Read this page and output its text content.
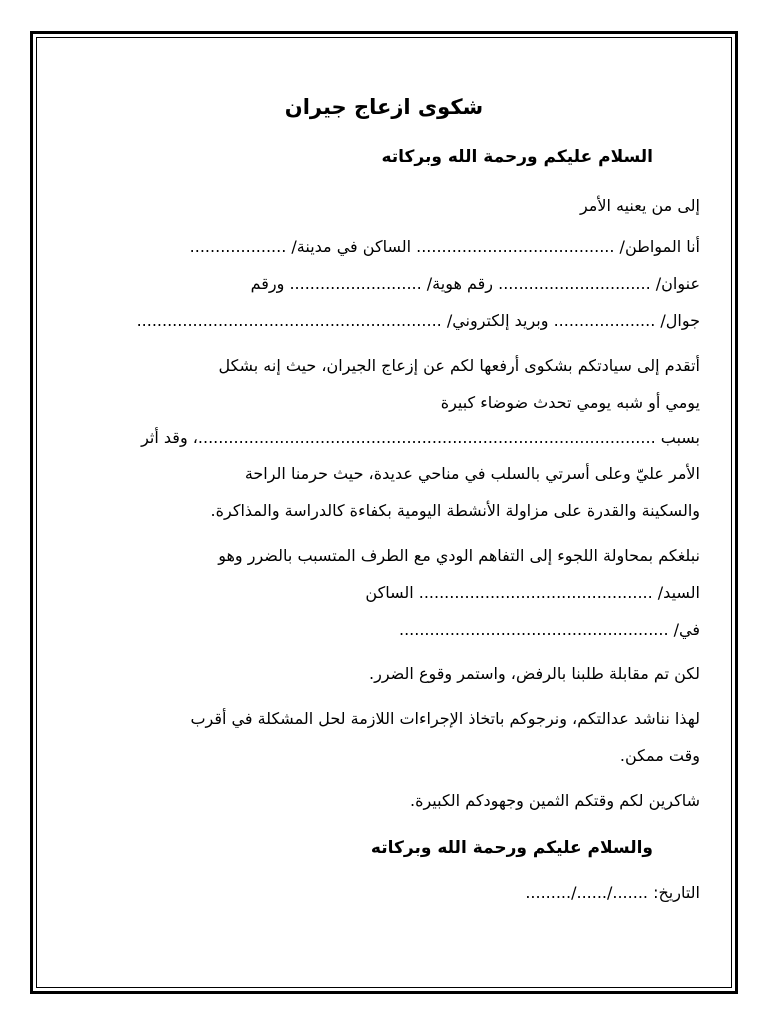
شكوى ازعاج جيران
السلام عليكم ورحمة الله وبركاته
إلى من يعنيه الأمر
أنا المواطن/ ....................................... الساكن في مدينة/ ...................
عنوان/ .............................. رقم هوية/ .......................... ورقم
جوال/ .................... وبريد إلكتروني/ ............................................................
أتقدم إلى سيادتكم بشكوى أرفعها لكم عن إزعاج الجيران، حيث إنه بشكل
يومي أو شبه يومي تحدث ضوضاء كبيرة
بسبب ..........................................................................................، وقد أثر
الأمر عليّ وعلى أسرتي بالسلب في مناحي عديدة، حيث حرمنا الراحة
والسكينة والقدرة على مزاولة الأنشطة اليومية بكفاءة كالدراسة والمذاكرة.
نبلغكم بمحاولة اللجوء إلى التفاهم الودي مع الطرف المتسبب بالضرر وهو
السيد/ .............................................. الساكن
في/ .....................................................
لكن تم مقابلة طلبنا بالرفض، واستمر وقوع الضرر.
لهذا نناشد عدالتكم، ونرجوكم باتخاذ الإجراءات اللازمة لحل المشكلة في أقرب
وقت ممكن.
شاكرين لكم وقتكم الثمين وجهودكم الكبيرة.
والسلام عليكم ورحمة الله وبركاته
التاريخ: ......./....../.........
